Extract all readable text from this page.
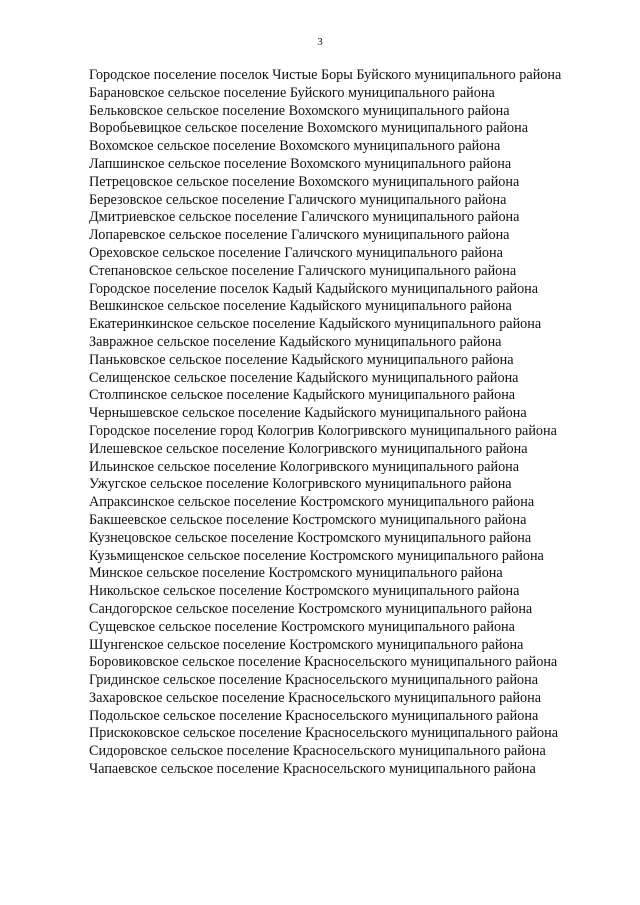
3
Городское поселение поселок Чистые Боры Буйского муниципального района
Барановское сельское поселение Буйского муниципального района
Бельковское сельское поселение Вохомского муниципального района
Воробьевицкое сельское поселение Вохомского муниципального района
Вохомское сельское поселение Вохомского муниципального района
Лапшинское сельское поселение Вохомского муниципального района
Петрецовское сельское поселение Вохомского муниципального района
Березовское сельское поселение Галичского муниципального района
Дмитриевское сельское поселение Галичского муниципального района
Лопаревское сельское поселение Галичского муниципального района
Ореховское сельское поселение Галичского муниципального района
Степановское сельское поселение Галичского муниципального района
Городское поселение поселок Кадый Кадыйского муниципального района
Вешкинское сельское поселение Кадыйского муниципального района
Екатеринкинское сельское поселение Кадыйского муниципального района
Завражное сельское поселение Кадыйского муниципального района
Паньковское сельское поселение Кадыйского муниципального района
Селищенское сельское поселение Кадыйского муниципального района
Столпинское сельское поселение Кадыйского муниципального района
Чернышевское сельское поселение Кадыйского муниципального района
Городское поселение город Кологрив Кологривского муниципального района
Илешевское сельское поселение Кологривского муниципального района
Ильинское сельское поселение Кологривского муниципального района
Ужугское сельское поселение Кологривского муниципального района
Апраксинское сельское поселение Костромского муниципального района
Бакшеевское сельское поселение Костромского муниципального района
Кузнецовское сельское поселение Костромского муниципального района
Кузьмищенское сельское поселение Костромского муниципального района
Минское сельское поселение Костромского муниципального района
Никольское сельское поселение Костромского муниципального района
Сандогорское сельское поселение Костромского муниципального района
Сущевское сельское поселение Костромского муниципального района
Шунгенское сельское поселение Костромского муниципального района
Боровиковское сельское поселение Красносельского муниципального района
Гридинское сельское поселение Красносельского муниципального района
Захаровское сельское поселение Красносельского муниципального района
Подольское сельское поселение Красносельского муниципального района
Прискоковское сельское поселение Красносельского муниципального района
Сидоровское сельское поселение Красносельского муниципального района
Чапаевское сельское поселение Красносельского муниципального района
